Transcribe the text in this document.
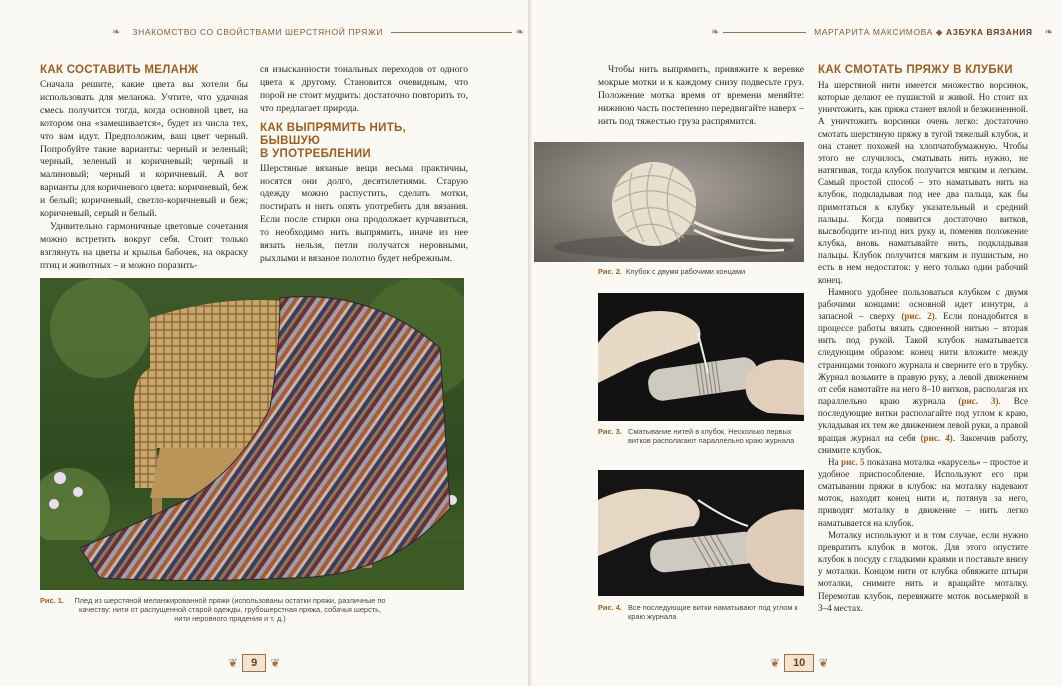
❧	ЗНАКОМСТВО СО СВОЙСТВАМИ ШЕРСТЯНОЙ ПРЯЖИ	❧
КАК СОСТАВИТЬ МЕЛАНЖ

Сначала решите, какие цвета вы хотели бы использовать для меланжа. Учтите, что удачная смесь получится тогда, когда основной цвет, на котором она «замешивается», будет из числа тех, что вам идут. Предположим, ваш цвет черный. Попробуйте такие варианты: черный и зеленый; черный, зеленый и коричневый; черный и малиновый; черный и коричневый. А вот варианты для коричневого цвета: коричневый, беж и белый; коричневый, светло-коричневый и беж; коричневый, серый и белый.

Удивительно гармоничные цветовые сочетания можно встретить вокруг себя. Стоит только взглянуть на цветы и крылья бабочек, на окраску птиц и животных – и можно поразить-

ся изысканности тональных переходов от одного цвета к другому. Становится очевидным, что порой не стоит мудрить: достаточно повторить то, что предлагает природа.

КАК ВЫПРЯМИТЬ НИТЬ, БЫВШУЮ
В УПОТРЕБЛЕНИИ

Шерстяные вязаные вещи весьма практичны, носятся они долго, десятилетиями. Старую одежду можно распустить, сделать мотки, постирать и нить опять употребить для вязания. Если после стирки она продолжает курчавиться, то необходимо нить выпрямить, иначе из нее вязать нельзя, петли получатся неровными, рыхлыми и вязаное полотно будет небрежным.

Рис. 1.	Плед из шерстяной меланжированной пряжи (использованы остатки пряжи, различные по качеству: нити от распущенной старой одежды, грубошерстная пряжа, собачья шерсть, нити неровного прядения и т. д.)
❦	9	❦
❧	МАРГАРИТА МАКСИМОВА ◆ АЗБУКА ВЯЗАНИЯ	❧

Чтобы нить выпрямить, привяжите к веревке мокрые мотки и к каждому снизу подвесьте груз. Положение мотка время от времени меняйте: нижнюю часть постепенно передвигайте наверх – нить под тяжестью груза распрямится.

Рис. 2. Клубок с двумя рабочими концами
Рис. 3. Сматывание нитей в клубок. Несколько первых витков располагают параллельно краю журнала
Рис. 4. Все последующие витки наматывают под углом к краю журнала
КАК СМОТАТЬ ПРЯЖУ В КЛУБКИ

На шерстяной нити имеется множество ворсинок, которые делают ее пушистой и живой. Но стоит их уничтожить, как пряжа станет вялой и безжизненной. А уничтожить ворсинки очень легко: достаточно смотать шерстяную пряжу в тугой тяжелый клубок, и она станет похожей на хлопчатобумажную. Чтобы этого не случилось, сматывать нить нужно, не натягивая, тогда клубок получится мягким и легким. Самый простой способ – это наматывать нить на клубок, подкладывая под нее два пальца, как бы примотаться к клубку указательный и средний пальцы. Когда появится достаточно витков, высвободите из-под них руку и, поменяв положение клубка, вновь наматывайте нить, подкладывая пальцы. Клубок получится мягким и пушистым, но есть в нем недостаток: у него только один рабочий конец.

Намного удобнее пользоваться клубком с двумя рабочими концами: основной идет изнутри, а запасной – сверху (рис. 2). Если понадобится в процессе работы вязать сдвоенной нитью – вторая нить под рукой. Такой клубок наматывается следующим образом: конец нити вложите между страницами тонкого журнала и сверните его в трубку. Журнал возьмите в правую руку, а левой движением от себя намотайте на него 8–10 витков, располагая их параллельно краю журнала (рис. 3). Все последующие витки располагайте под углом к краю, укладывая их тем же движением левой руки, а правой вращая журнал на себя (рис. 4). Закончив работу, снимите клубок.

На рис. 5 показана моталка «карусель» – простое и удобное приспособление. Используют его при сматывании пряжи в клубок: на моталку надевают моток, находят конец нити и, потянув за него, приводят моталку в движение – нить легко наматывается на клубок.

Моталку используют и в том случае, если нужно превратить клубок в моток. Для этого опустите клубок в посуду с гладкими краями и поставьте внизу у моталки. Концом нити от клубка обвяжите штыри моталки, снимите нить и вращайте моталку. Перемотав клубок, перевяжите моток восьмеркой в 3–4 местах.

❦	10	❦
